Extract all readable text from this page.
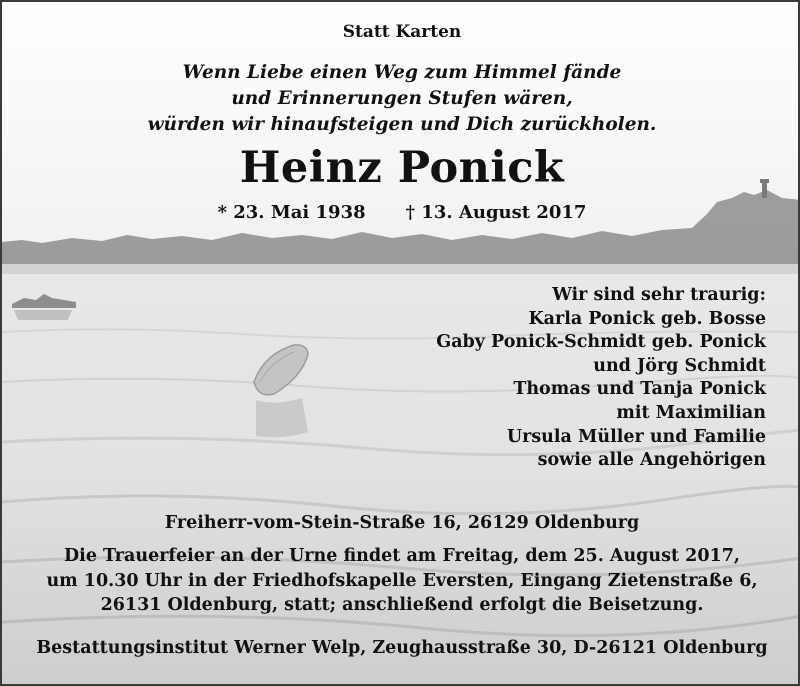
Statt Karten
Wenn Liebe einen Weg zum Himmel fände
und Erinnerungen Stufen wären,
würden wir hinaufsteigen und Dich zurückholen.
Heinz Ponick
* 23. Mai 1938 † 13. August 2017
Wir sind sehr traurig:
Karla Ponick geb. Bosse
Gaby Ponick-Schmidt geb. Ponick
und Jörg Schmidt
Thomas und Tanja Ponick
mit Maximilian
Ursula Müller und Familie
sowie alle Angehörigen
Freiherr-vom-Stein-Straße 16, 26129 Oldenburg
Die Trauerfeier an der Urne findet am Freitag, dem 25. August 2017,
um 10.30 Uhr in der Friedhofskapelle Eversten, Eingang Zietenstraße 6,
26131 Oldenburg, statt; anschließend erfolgt die Beisetzung.
Bestattungsinstitut Werner Welp, Zeughausstraße 30, D-26121 Oldenburg
